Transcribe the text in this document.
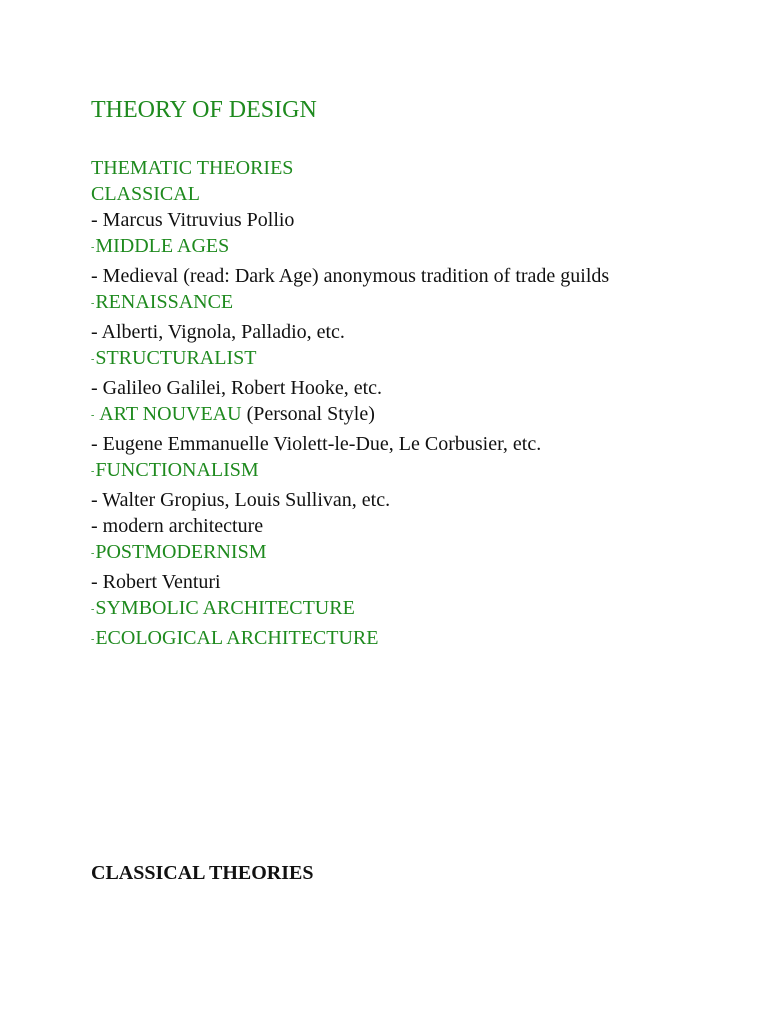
THEORY OF DESIGN
THEMATIC THEORIES
CLASSICAL
- Marcus Vitruvius Pollio
-MIDDLE AGES
- Medieval (read: Dark Age) anonymous tradition of trade guilds
-RENAISSANCE
- Alberti, Vignola, Palladio, etc.
-STRUCTURALIST
- Galileo Galilei, Robert Hooke, etc.
- ART NOUVEAU (Personal Style)
- Eugene Emmanuelle Violett-le-Due, Le Corbusier, etc.
-FUNCTIONALISM
- Walter Gropius, Louis Sullivan, etc.
- modern architecture
-POSTMODERNISM
- Robert Venturi
-SYMBOLIC ARCHITECTURE
-ECOLOGICAL ARCHITECTURE
CLASSICAL THEORIES
